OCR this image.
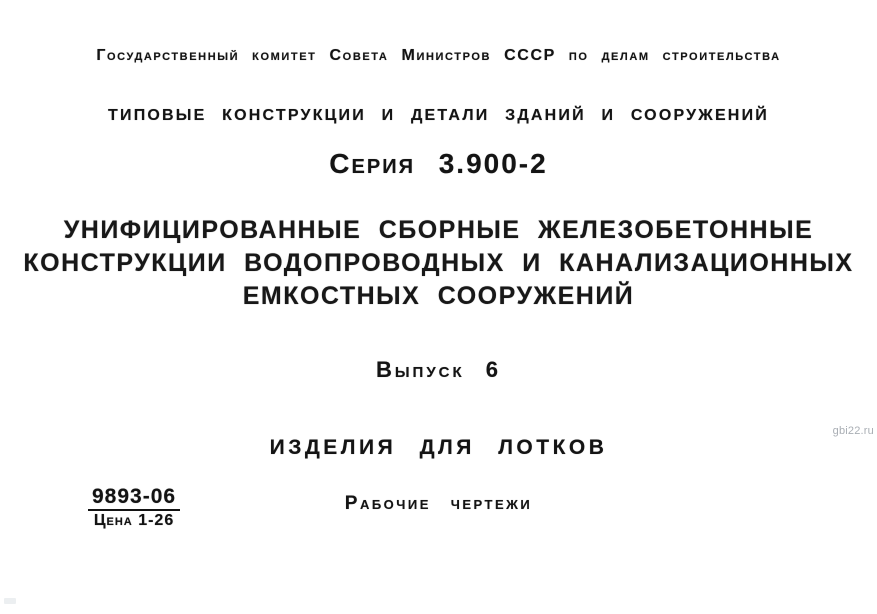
Государственный комитет Совета Министров СССР по делам строительства
ТИПОВЫЕ КОНСТРУКЦИИ И ДЕТАЛИ ЗДАНИЙ И СООРУЖЕНИЙ
Серия 3.900-2
УНИФИЦИРОВАННЫЕ СБОРНЫЕ ЖЕЛЕЗОБЕТОННЫЕ
КОНСТРУКЦИИ ВОДОПРОВОДНЫХ И КАНАЛИЗАЦИОННЫХ
ЕМКОСТНЫХ СООРУЖЕНИЙ
Выпуск 6
ИЗДЕЛИЯ ДЛЯ ЛОТКОВ
Рабочие чертежи
9893-06
Цена 1-26
gbi22.ru
